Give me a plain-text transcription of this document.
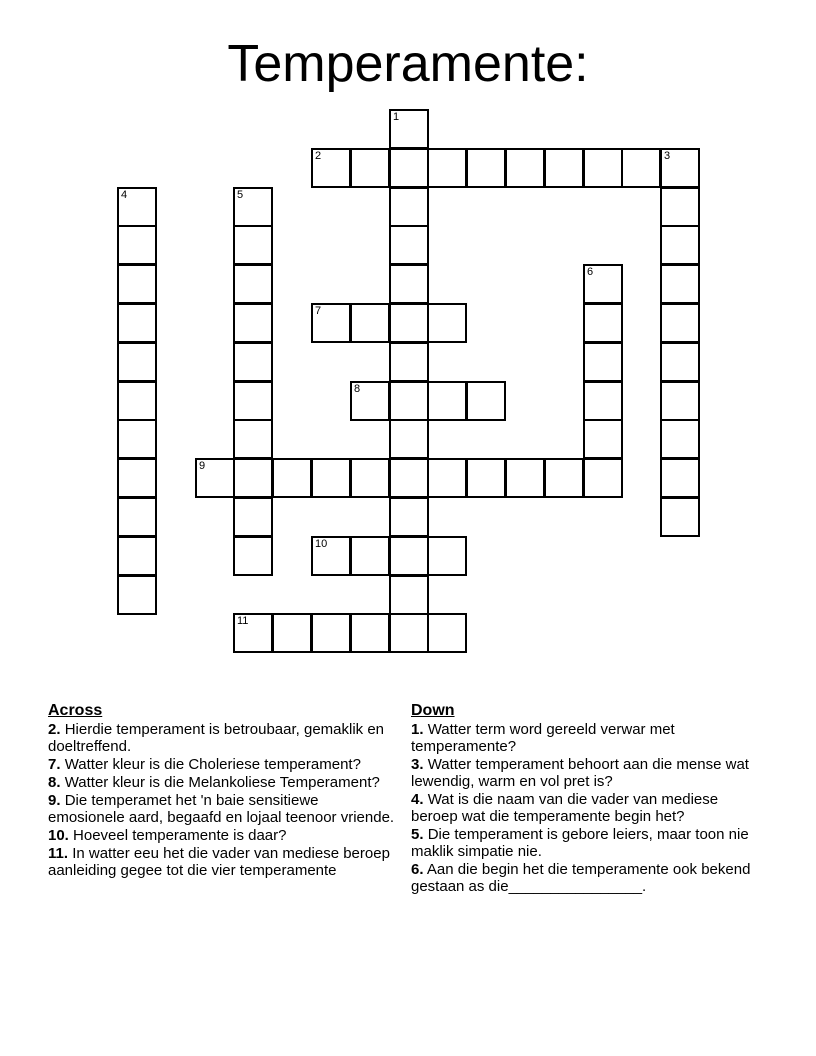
Temperamente:
1
2	3
4	5
6
7
8
9
10
11
Across
2. Hierdie temperament is betroubaar, gemaklik en doeltreffend.
7. Watter kleur is die Choleriese temperament?
8. Watter kleur is die Melankoliese Temperament?
9. Die temperamet het 'n baie sensitiewe emosionele aard, begaafd en lojaal teenoor vriende.
10. Hoeveel temperamente is daar?
11. In watter eeu het die vader van mediese beroep aanleiding gegee tot die vier temperamente
Down
1. Watter term word gereeld verwar met temperamente?
3. Watter temperament behoort aan die mense wat lewendig, warm en vol pret is?
4. Wat is die naam van die vader van mediese beroep wat die temperamente begin het?
5. Die temperament is gebore leiers, maar toon nie maklik simpatie nie.
6. Aan die begin het die temperamente ook bekend gestaan as die________________.
